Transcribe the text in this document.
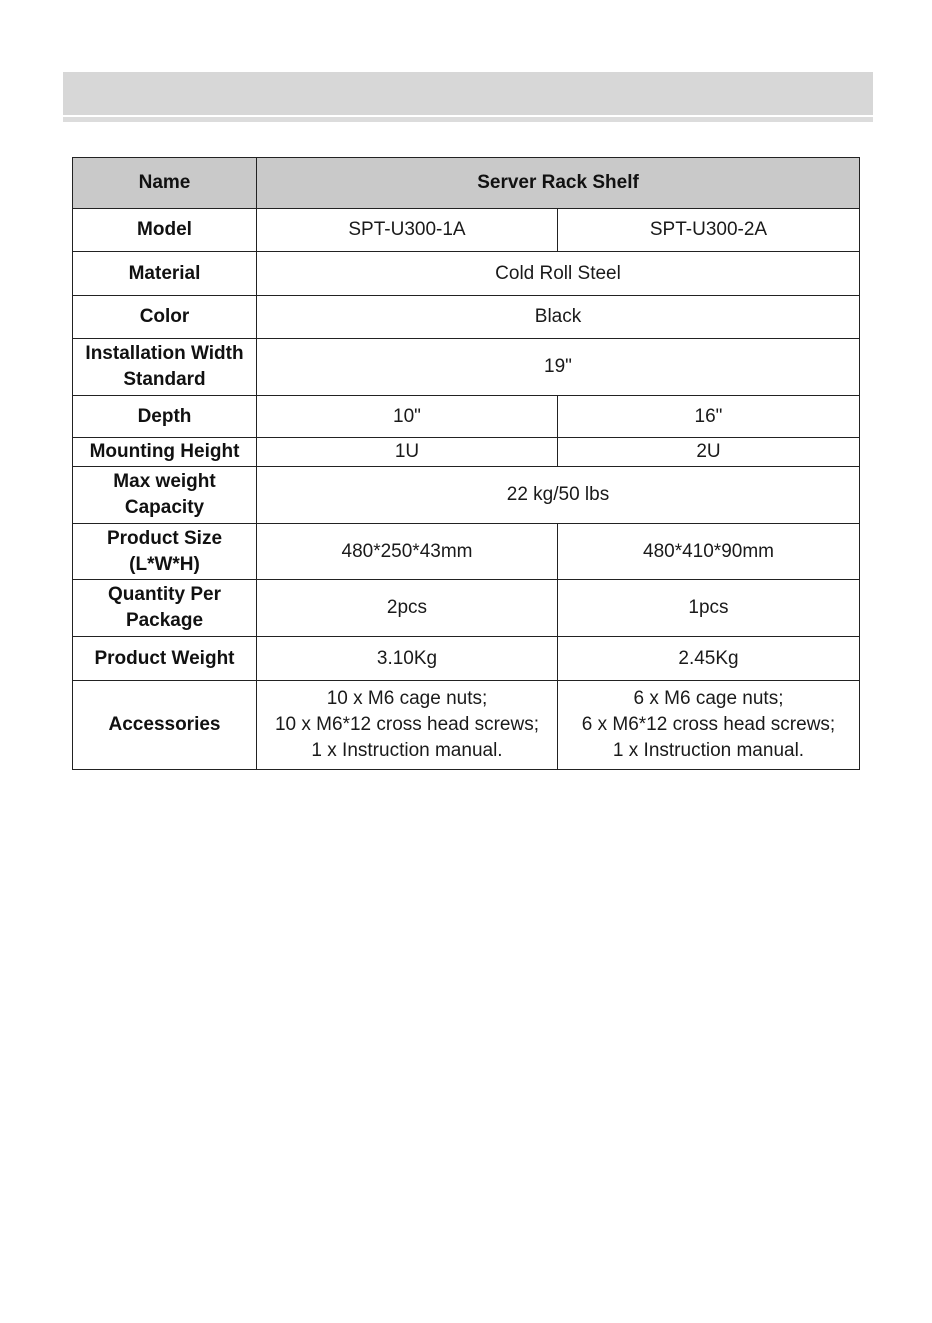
Name	Server Rack Shelf	
Model	SPT-U300-1A	SPT-U300-2A
Material	Cold Roll Steel	
Color	Black	

Installation Width
Standard	19"	
Depth	10"	16"
Mounting Height	1U	2U

Max weight
Capacity	22 kg/50 lbs	

Product Size
(L*W*H)	480*250*43mm	480*410*90mm

Quantity Per
Package	2pcs	1pcs
Product Weight	3.10Kg	2.45Kg
Accessories	10 x M6 cage nuts;
10 x M6*12 cross head screws;
1 x Instruction manual.	6 x M6 cage nuts;
6 x M6*12 cross head screws;
1 x Instruction manual.
